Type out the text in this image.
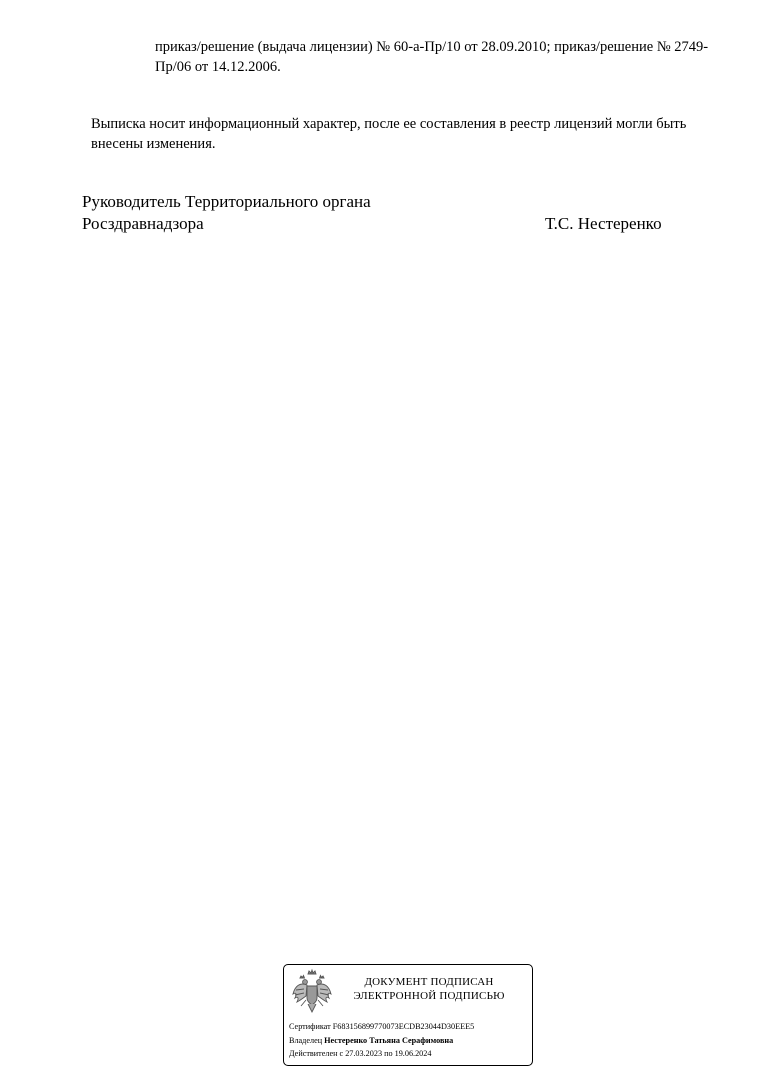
приказ/решение (выдача лицензии) № 60-а-Пр/10 от 28.09.2010; приказ/решение № 2749-Пр/06 от 14.12.2006.
Выписка носит информационный характер, после ее составления в реестр лицензий могли быть внесены изменения.
Руководитель Территориального органа
Росздравнадзора	Т.С. Нестеренко
ДОКУМЕНТ ПОДПИСАН
ЭЛЕКТРОННОЙ ПОДПИСЬЮ
Сертификат F683156899770073ECDB23044D30EEE5
Владелец Нестеренко Татьяна Серафимовна
Действителен с 27.03.2023 по 19.06.2024
